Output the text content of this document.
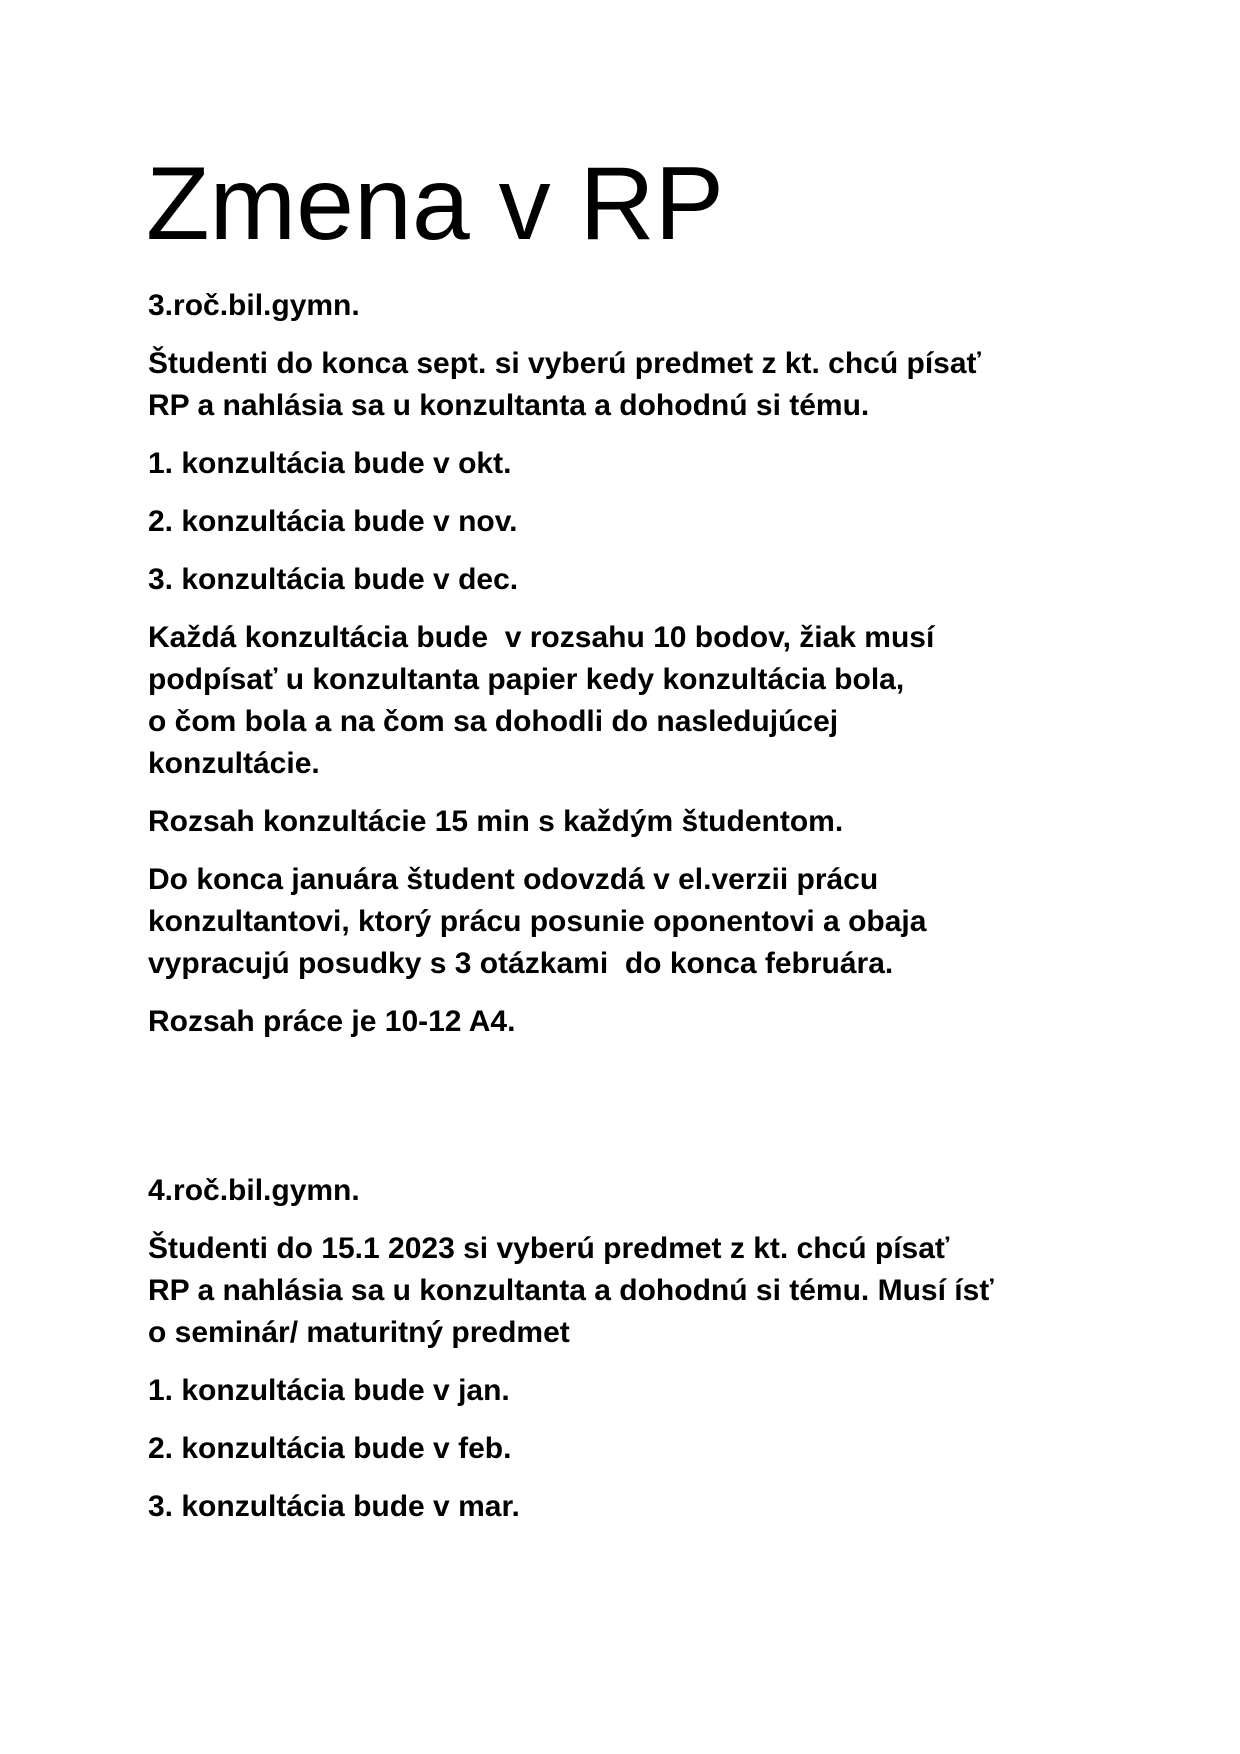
Zmena v RP

3.roč.bil.gymn.

Študenti do konca sept. si vyberú predmet z kt. chcú písať
RP a nahlásia sa u konzultanta a dohodnú si tému.

1. konzultácia bude v okt.

2. konzultácia bude v nov.

3. konzultácia bude v dec.

Každá konzultácia bude  v rozsahu 10 bodov, žiak musí
podpísať u konzultanta papier kedy konzultácia bola,
o čom bola a na čom sa dohodli do nasledujúcej
konzultácie.

Rozsah konzultácie 15 min s každým študentom.

Do konca januára študent odovzdá v el.verzii prácu
konzultantovi, ktorý prácu posunie oponentovi a obaja
vypracujú posudky s 3 otázkami  do konca februára.

Rozsah práce je 10-12 A4.

4.roč.bil.gymn.

Študenti do 15.1 2023 si vyberú predmet z kt. chcú písať
RP a nahlásia sa u konzultanta a dohodnú si tému. Musí ísť
o seminár/ maturitný predmet

1. konzultácia bude v jan.

2. konzultácia bude v feb.

3. konzultácia bude v mar.
